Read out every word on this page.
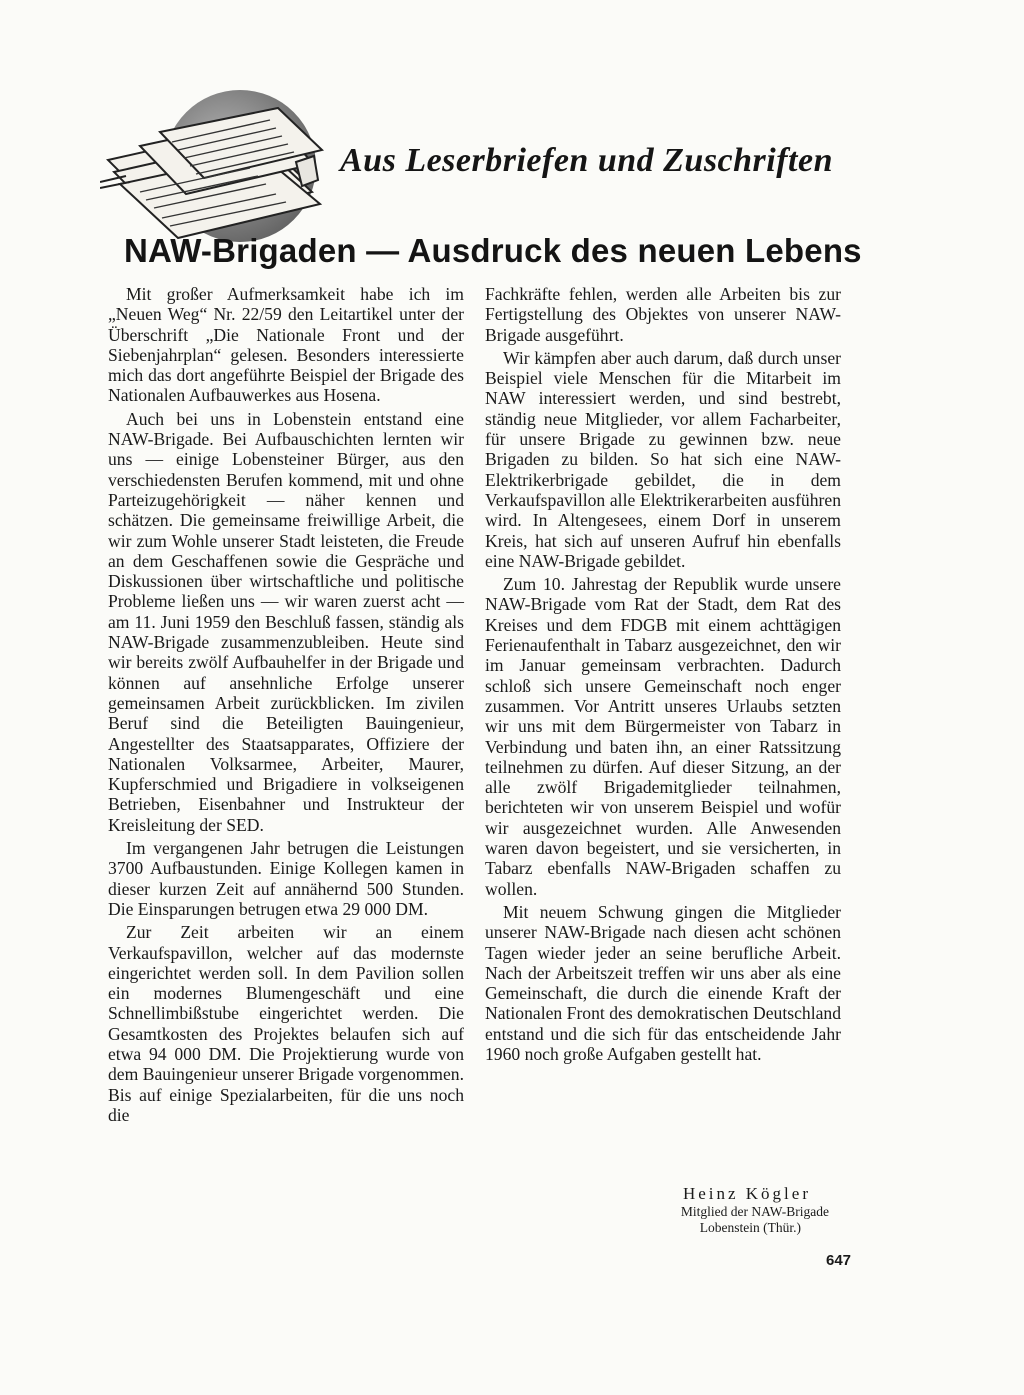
Aus Leserbriefen und Zuschriften
NAW-Brigaden — Ausdruck des neuen Lebens

Mit großer Aufmerksamkeit habe ich im „Neuen Weg“ Nr. 22/59 den Leitartikel unter der Überschrift „Die Nationale Front und der Siebenjahrplan“ gelesen. Besonders interessierte mich das dort angeführte Beispiel der Brigade des Nationalen Aufbauwerkes aus Hosena.

Auch bei uns in Lobenstein entstand eine NAW-Brigade. Bei Aufbauschichten lernten wir uns — einige Lobensteiner Bürger, aus den verschiedensten Berufen kommend, mit und ohne Parteizugehörigkeit — näher kennen und schätzen. Die gemeinsame freiwillige Arbeit, die wir zum Wohle unserer Stadt leisteten, die Freude an dem Geschaffenen sowie die Gespräche und Diskussionen über wirtschaftliche und politische Probleme ließen uns — wir waren zuerst acht — am 11. Juni 1959 den Beschluß fassen, ständig als NAW-Brigade zusammenzubleiben. Heute sind wir bereits zwölf Aufbauhelfer in der Brigade und können auf ansehnliche Erfolge unserer gemeinsamen Arbeit zurückblicken. Im zivilen Beruf sind die Beteiligten Bauingenieur, Angestellter des Staatsapparates, Offiziere der Nationalen Volksarmee, Arbeiter, Maurer, Kupferschmied und Brigadiere in volkseigenen Betrieben, Eisenbahner und Instrukteur der Kreisleitung der SED.

Im vergangenen Jahr betrugen die Leistungen 3700 Aufbaustunden. Einige Kollegen kamen in dieser kurzen Zeit auf annähernd 500 Stunden. Die Einsparungen betrugen etwa 29 000 DM.

Zur Zeit arbeiten wir an einem Verkaufspavillon, welcher auf das modernste eingerichtet werden soll. In dem Pavilion sollen ein modernes Blumengeschäft und eine Schnellimbißstube eingerichtet werden. Die Gesamtkosten des Projektes belaufen sich auf etwa 94 000 DM. Die Projektierung wurde von dem Bauingenieur unserer Brigade vorgenommen. Bis auf einige Spezialarbeiten, für die uns noch die

Fachkräfte fehlen, werden alle Arbeiten bis zur Fertigstellung des Objektes von unserer NAW-Brigade ausgeführt.

Wir kämpfen aber auch darum, daß durch unser Beispiel viele Menschen für die Mitarbeit im NAW interessiert werden, und sind bestrebt, ständig neue Mitglieder, vor allem Facharbeiter, für unsere Brigade zu gewinnen bzw. neue Brigaden zu bilden. So hat sich eine NAW-Elektrikerbrigade gebildet, die in dem Verkaufspavillon alle Elektrikerarbeiten ausführen wird. In Altengesees, einem Dorf in unserem Kreis, hat sich auf unseren Aufruf hin ebenfalls eine NAW-Brigade gebildet.

Zum 10. Jahrestag der Republik wurde unsere NAW-Brigade vom Rat der Stadt, dem Rat des Kreises und dem FDGB mit einem achttägigen Ferienaufenthalt in Tabarz ausgezeichnet, den wir im Januar gemeinsam verbrachten. Dadurch schloß sich unsere Gemeinschaft noch enger zusammen. Vor Antritt unseres Urlaubs setzten wir uns mit dem Bürgermeister von Tabarz in Verbindung und baten ihn, an einer Ratssitzung teilnehmen zu dürfen. Auf dieser Sitzung, an der alle zwölf Brigademitglieder teilnahmen, berichteten wir von unserem Beispiel und wofür wir ausgezeichnet wurden. Alle Anwesenden waren davon begeistert, und sie versicherten, in Tabarz ebenfalls NAW-Brigaden schaffen zu wollen.

Mit neuem Schwung gingen die Mitglieder unserer NAW-Brigade nach diesen acht schönen Tagen wieder jeder an seine berufliche Arbeit. Nach der Arbeitszeit treffen wir uns aber als eine Gemeinschaft, die durch die einende Kraft der Nationalen Front des demokratischen Deutschland entstand und die sich für das entscheidende Jahr 1960 noch große Aufgaben gestellt hat.

Heinz Kögler
Mitglied der NAW-Brigade
Lobenstein (Thür.)
647
